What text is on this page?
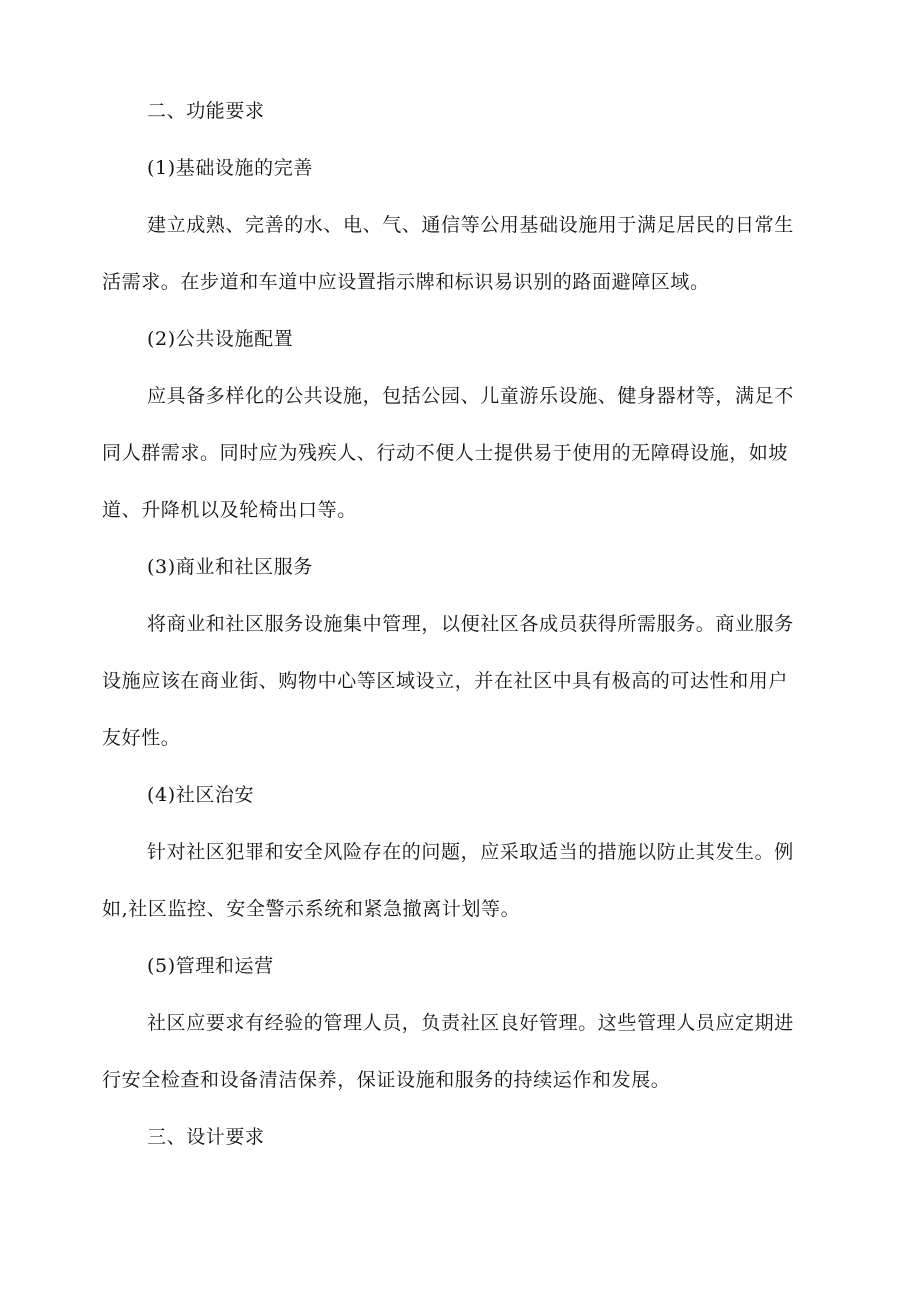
二、功能要求
(1)基础设施的完善
建立成熟、完善的水、电、气、通信等公用基础设施用于满足居民的日常生
活需求。在步道和车道中应设置指示牌和标识易识别的路面避障区域。
(2)公共设施配置
应具备多样化的公共设施，包括公园、儿童游乐设施、健身器材等，满足不
同人群需求。同时应为残疾人、行动不便人士提供易于使用的无障碍设施，如坡
道、升降机以及轮椅出口等。
(3)商业和社区服务
将商业和社区服务设施集中管理，以便社区各成员获得所需服务。商业服务
设施应该在商业街、购物中心等区域设立，并在社区中具有极高的可达性和用户
友好性。
(4)社区治安
针对社区犯罪和安全风险存在的问题，应采取适当的措施以防止其发生。例
如,社区监控、安全警示系统和紧急撤离计划等。
(5)管理和运营
社区应要求有经验的管理人员，负责社区良好管理。这些管理人员应定期进
行安全检查和设备清洁保养，保证设施和服务的持续运作和发展。
三、设计要求
